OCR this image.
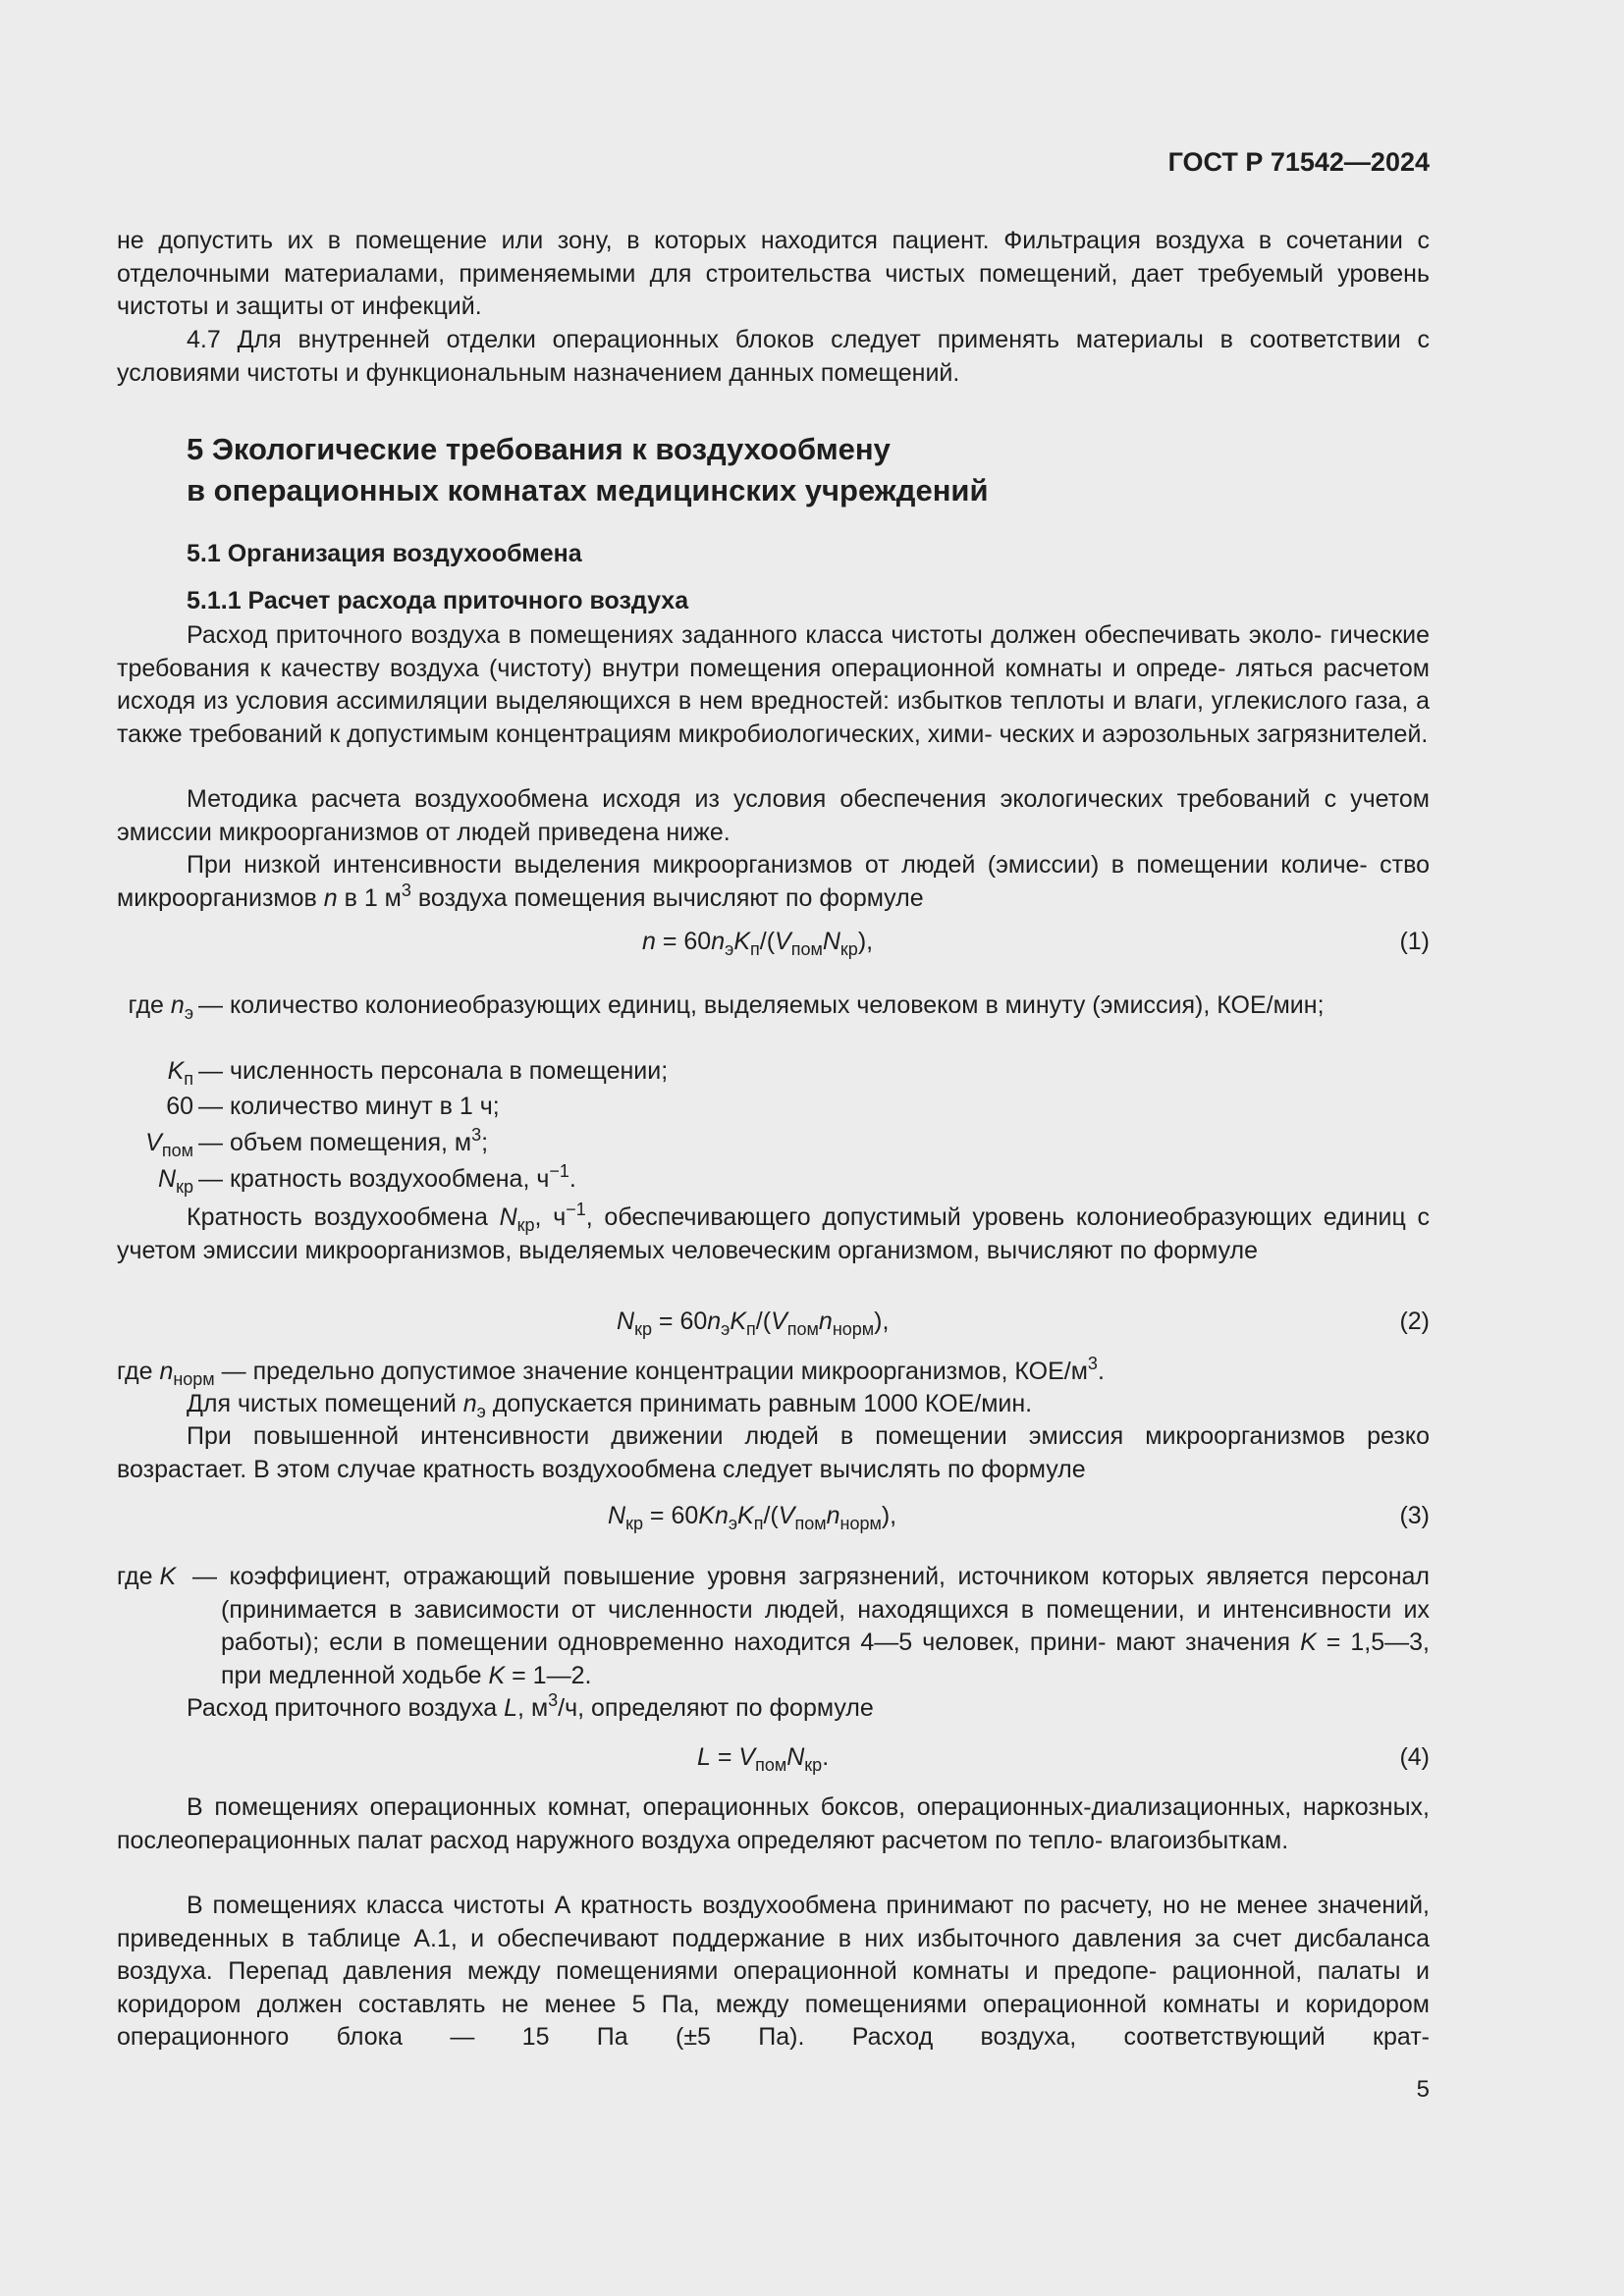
ГОСТ Р 71542—2024

не допустить их в помещение или зону, в которых находится пациент. Фильтрация воздуха в сочетании с отделочными материалами, применяемыми для строительства чистых помещений, дает требуемый уровень чистоты и защиты от инфекций.

4.7 Для внутренней отделки операционных блоков следует применять материалы в соответствии с условиями чистоты и функциональным назначением данных помещений.

5 Экологические требования к воздухообмену
в операционных комнатах медицинских учреждений
5.1 Организация воздухообмена
5.1.1 Расчет расхода приточного воздуха

Расход приточного воздуха в помещениях заданного класса чистоты должен обеспечивать эколо- гические требования к качеству воздуха (чистоту) внутри помещения операционной комнаты и опреде- ляться расчетом исходя из условия ассимиляции выделяющихся в нем вредностей: избытков теплоты и влаги, углекислого газа, а также требований к допустимым концентрациям микробиологических, хими- ческих и аэрозольных загрязнителей.

Методика расчета воздухообмена исходя из условия обеспечения экологических требований с учетом эмиссии микроорганизмов от людей приведена ниже.

При низкой интенсивности выделения микроорганизмов от людей (эмиссии) в помещении количе- ство микроорганизмов n в 1 $м^3$ воздуха помещения вычисляют по формуле

$n = 60n_эK_п/(V_{пом}N_{кр})$,	(1)
где $n_э$ — количество колониеобразующих единиц, выделяемых человеком в минуту (эмиссия), КОЕ/мин;
$K_п$ — численность персонала в помещении;
60 — количество минут в 1 ч;
$V_{пом}$ — объем помещения, $м^3$;
$N_{кр}$ — кратность воздухообмена, $ч^{-1}$.

Кратность воздухообмена $N_{кр}$, $ч^{-1}$, обеспечивающего допустимый уровень колониеобразующих единиц с учетом эмиссии микроорганизмов, выделяемых человеческим организмом, вычисляют по формуле

$N_{кр} = 60n_эK_п/(V_{пом}n_{норм})$,	(2)

где $n_{норм}$ — предельно допустимое значение концентрации микроорганизмов, КОЕ/$м^3$.

Для чистых помещений $n_э$ допускается принимать равным 1000 КОЕ/мин.

При повышенной интенсивности движении людей в помещении эмиссия микроорганизмов резко возрастает. В этом случае кратность воздухообмена следует вычислять по формуле

$N_{кр} = 60Kn_эK_п/(V_{пом}n_{норм})$,	(3)
где K — коэффициент, отражающий повышение уровня загрязнений, источником которых является персонал (принимается в зависимости от численности людей, находящихся в помещении, и интенсивности их работы); если в помещении одновременно находится 4—5 человек, прини- мают значения K = 1,5—3, при медленной ходьбе K = 1—2.

Расход приточного воздуха L, $м^3/ч$, определяют по формуле

$L = V_{пом}N_{кр}$.	(4)

В помещениях операционных комнат, операционных боксов, операционных-диализационных, наркозных, послеоперационных палат расход наружного воздуха определяют расчетом по тепло- влагоизбыткам.

В помещениях класса чистоты А кратность воздухообмена принимают по расчету, но не менее значений, приведенных в таблице А.1, и обеспечивают поддержание в них избыточного давления за счет дисбаланса воздуха. Перепад давления между помещениями операционной комнаты и предопе- рационной, палаты и коридором должен составлять не менее 5 Па, между помещениями операционной комнаты и коридором операционного блока — 15 Па (±5 Па). Расход воздуха, соответствующий крат-

5
